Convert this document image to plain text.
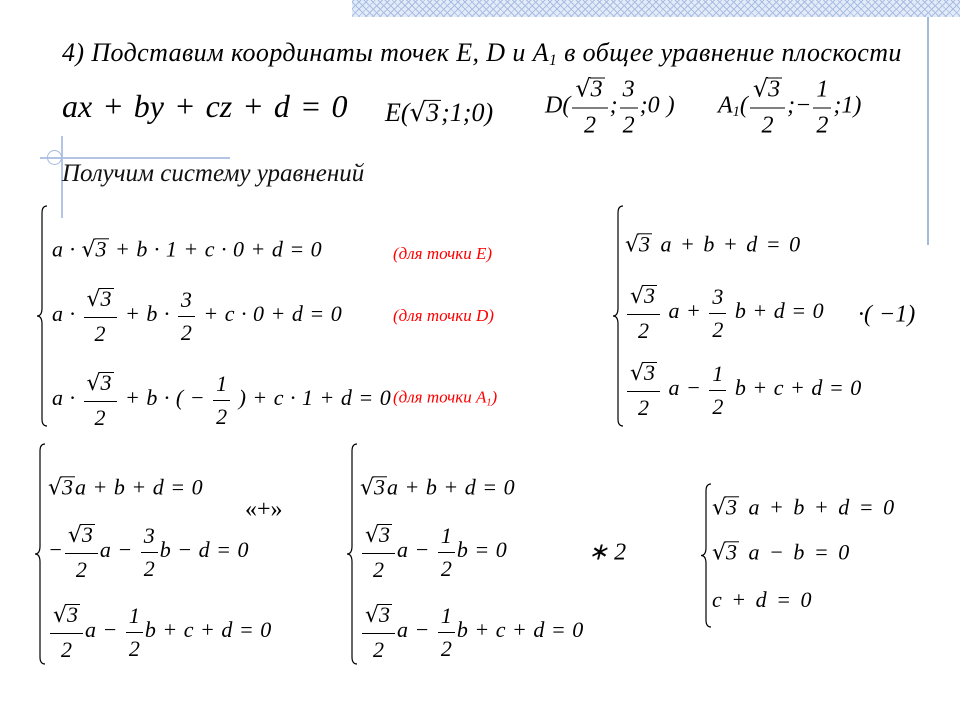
4) Подставим координаты точек E, D и $A_1$ в общее уравнение плоскости
ax + by + cz + d = 0 E(√3;1;0) $D( \frac{√3}{2}$ ; $\frac{3}{2}$ ;0 ) $A1( \frac{√3}{2}$ ;− $\frac{1}{2}$ ;1)
Получим систему уравнений
a · √3 + b · 1 + c · 0 + d = 0
$a \cdot \frac{√3}{2} + b \cdot \frac{3}{2} + c \cdot 0 + d = 0$
$a \cdot \frac{√3}{2} + b$ · ( − $\frac{1}{2}$ ) + c · 1 + d = 0
(для точки E)
(для точки D)
(для точки A1)
√3 a + b + d = 0
$\frac{√3}{2}$ $a + \frac{3}{2}$ b + d = 0
$\frac{√3}{2}$ $a - \frac{1}{2}$ b + c + d = 0
·( −1)
√3a + b + d = 0
− $\frac{√3}{2}$ $a - \frac{3}{2}$ b − d = 0
$\frac{√3}{2}$ $a - \frac{1}{2}$ b + c + d = 0
«+»
√3a + b + d = 0
$\frac{√3}{2}$ $a - \frac{1}{2}$ b = 0
$\frac{√3}{2}$ $a - \frac{1}{2}$ b + c + d = 0
∗ 2
√3 a + b + d = 0
√3 a − b = 0
c + d = 0
